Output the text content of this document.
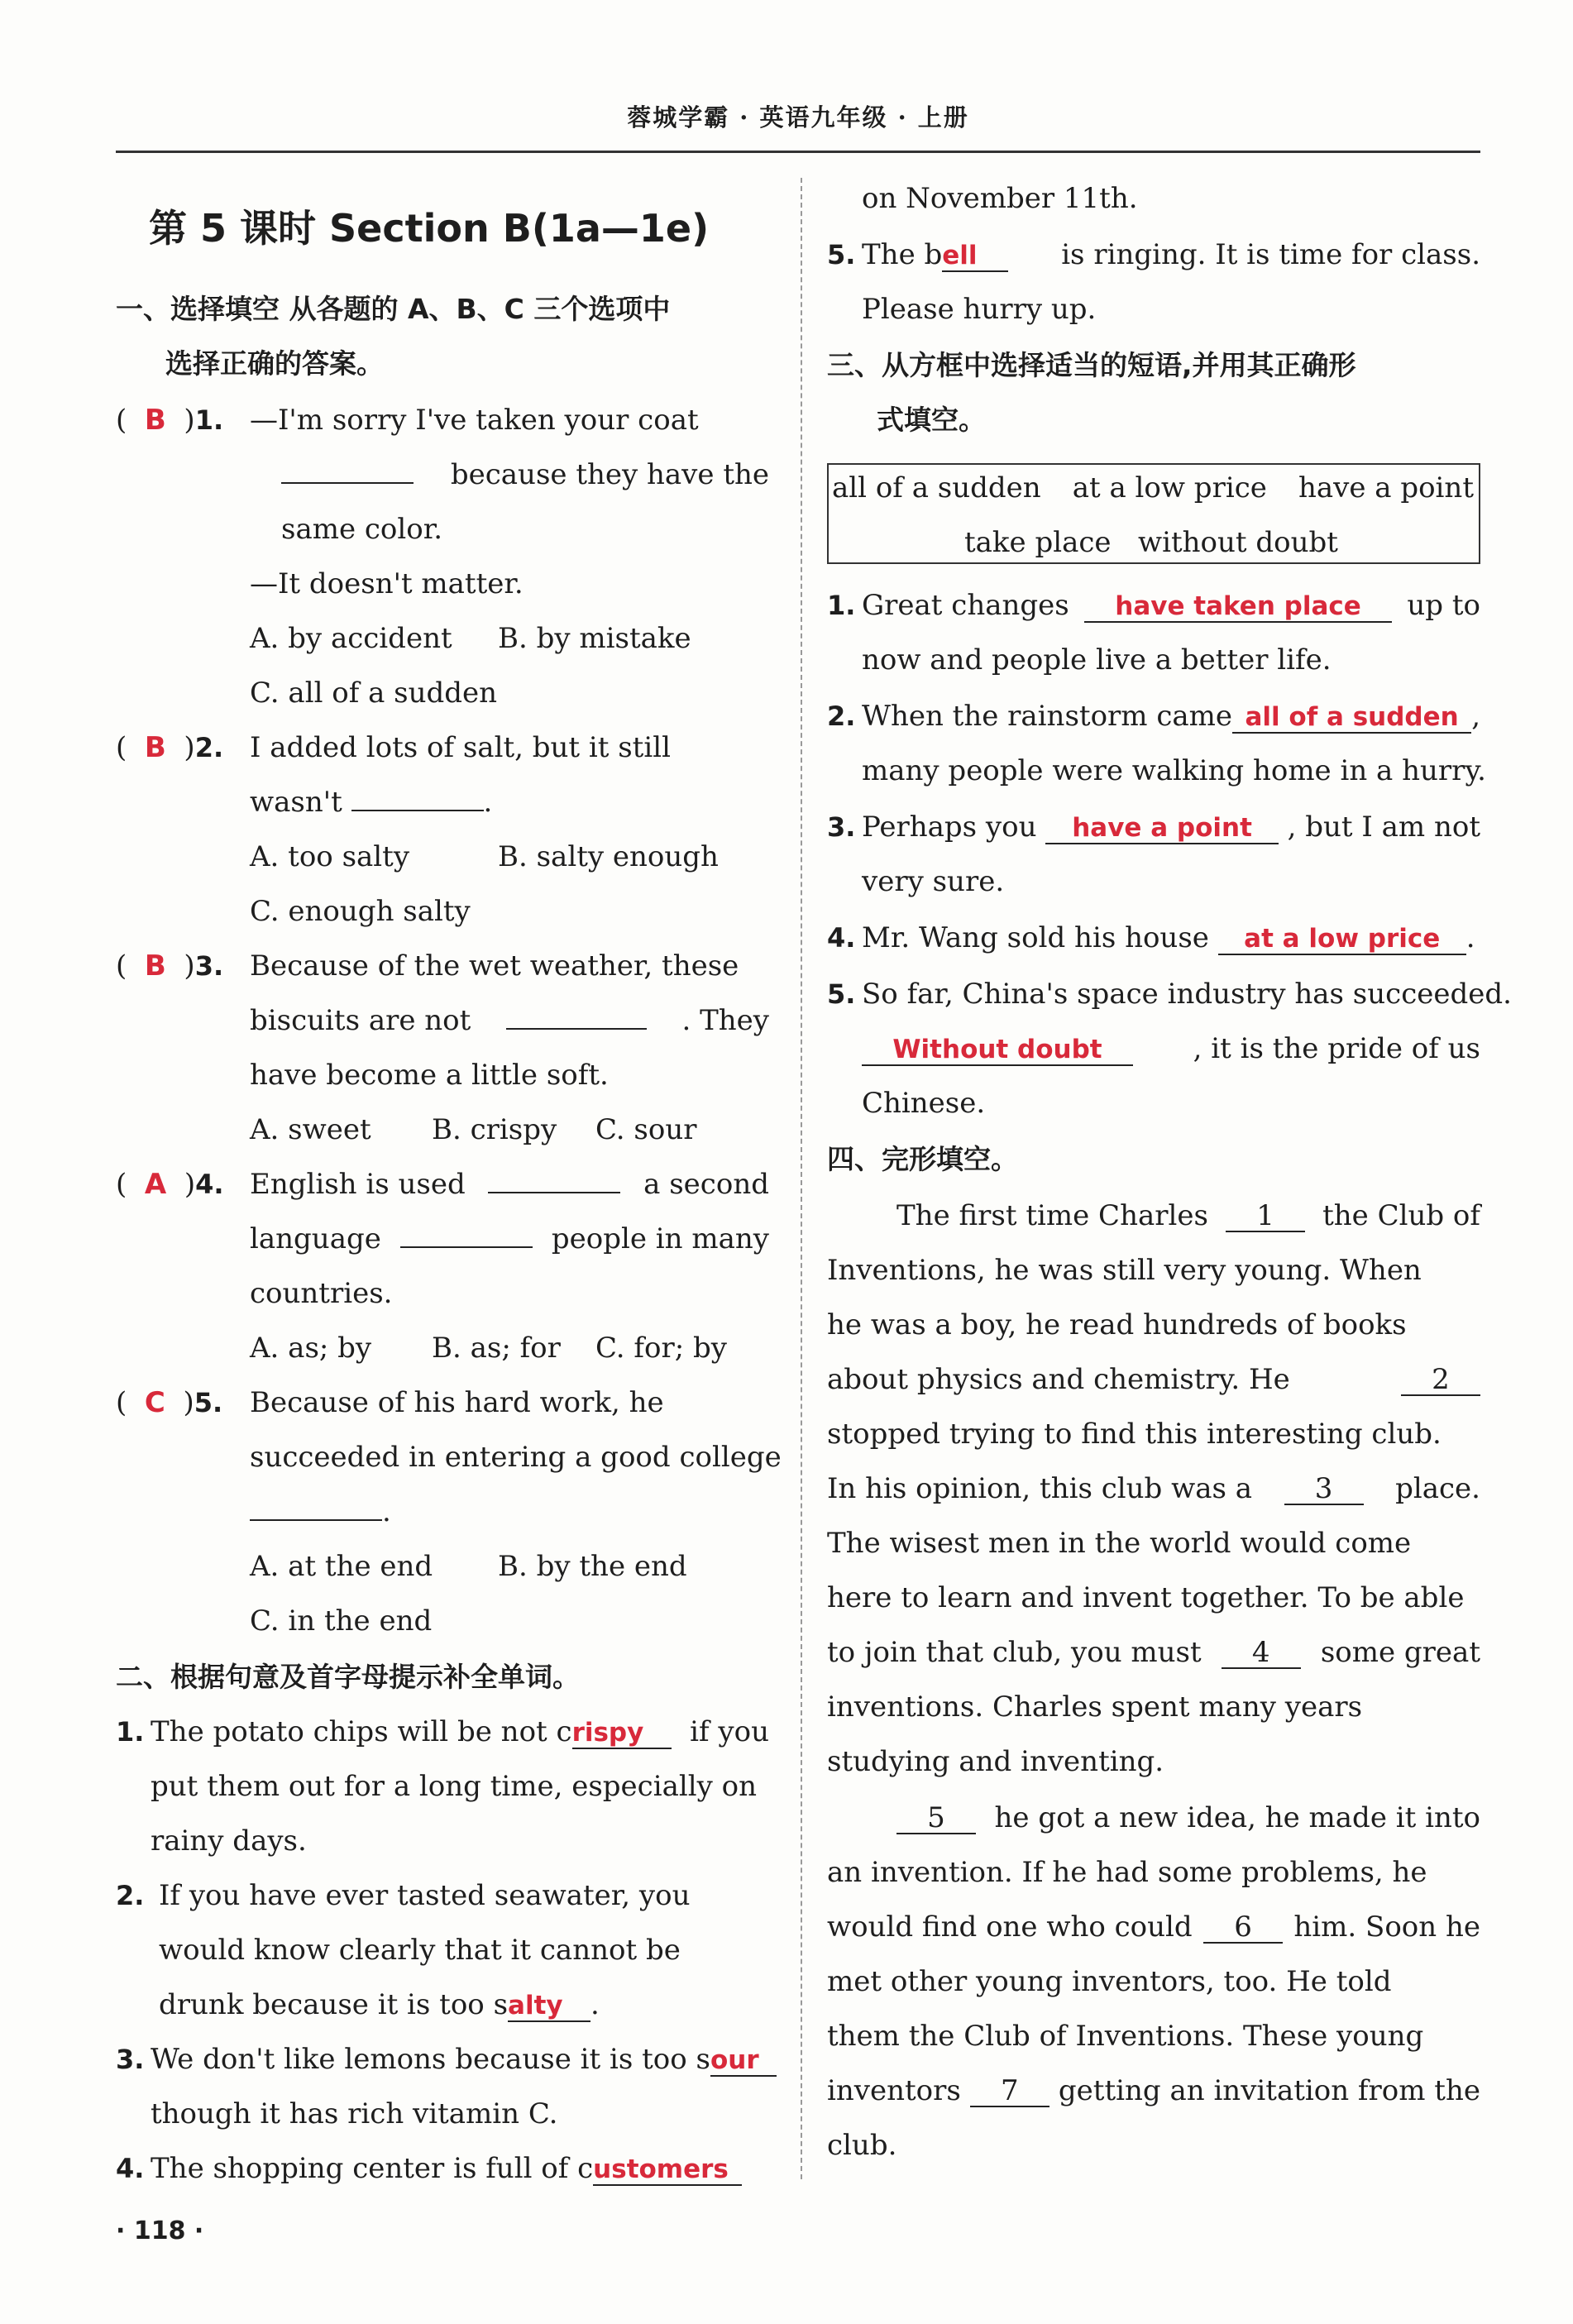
蓉城学霸 · 英语九年级 · 上册
第 5 课时 Section B(1a—1e)
一、选择填空 从各题的 A、B、C 三个选项中
选择正确的答案。
(  B  )1. —I'm sorry I've taken your coat
because they have the
same color.
—It doesn't matter.
A. by accident B. by mistake
C. all of a sudden
(  B  )2. I added lots of salt, but it still
wasn't	.
A. too salty	B. salty enough
C. enough salty
(  B  )3. Because of the wet weather, these
biscuits are not	. They
have become a little soft.
A. sweet B. crispy C. sour
(  A  )4. English is used	a second
language	people in many
countries.
A. as; by B. as; for C. for; by
(  C  )5. Because of his hard work, he
succeeded in entering a good college
.
A. at the end B. by the end
C. in the end
二、根据句意及首字母提示补全单词。
1. The potato chips will be not crispy	if you
put them out for a long time, especially on
rainy days.
2. If you have ever tasted seawater, you
would know clearly that it cannot be
drunk because it is too salty .
3. We don't like lemons because it is too sour
though it has rich vitamin C.
4. The shopping center is full of customers
on November 11th.
5. The bell	is ringing. It is time for class.
Please hurry up.
三、从方框中选择适当的短语,并用其正确形
式填空。
all of a sudden at a low price have a point
take place without doubt
1. Great changes	have taken place	up to
now and people live a better life.
2. When the rainstorm came all of a sudden ,
many people were walking home in a hurry.
3. Perhaps you	have a point	, but I am not
very sure.
4. Mr. Wang sold his house at a low price .
5. So far, China's space industry has succeeded.
Without doubt	, it is the pride of us
Chinese.
四、完形填空。
The first time Charles	1	the Club of
Inventions, he was still very young. When
he was a boy, he read hundreds of books
about physics and chemistry. He	2
stopped trying to find this interesting club.
In his opinion, this club was a	3	place.
The wisest men in the world would come
here to learn and invent together. To be able
to join that club, you must	4	some great
inventions. Charles spent many years
studying and inventing.
5	he got a new idea, he made it into
an invention. If he had some problems, he
would find one who could	6	him. Soon he
met other young inventors, too. He told
them the Club of Inventions. These young
inventors	7	getting an invitation from the
club.
· 118 ·
